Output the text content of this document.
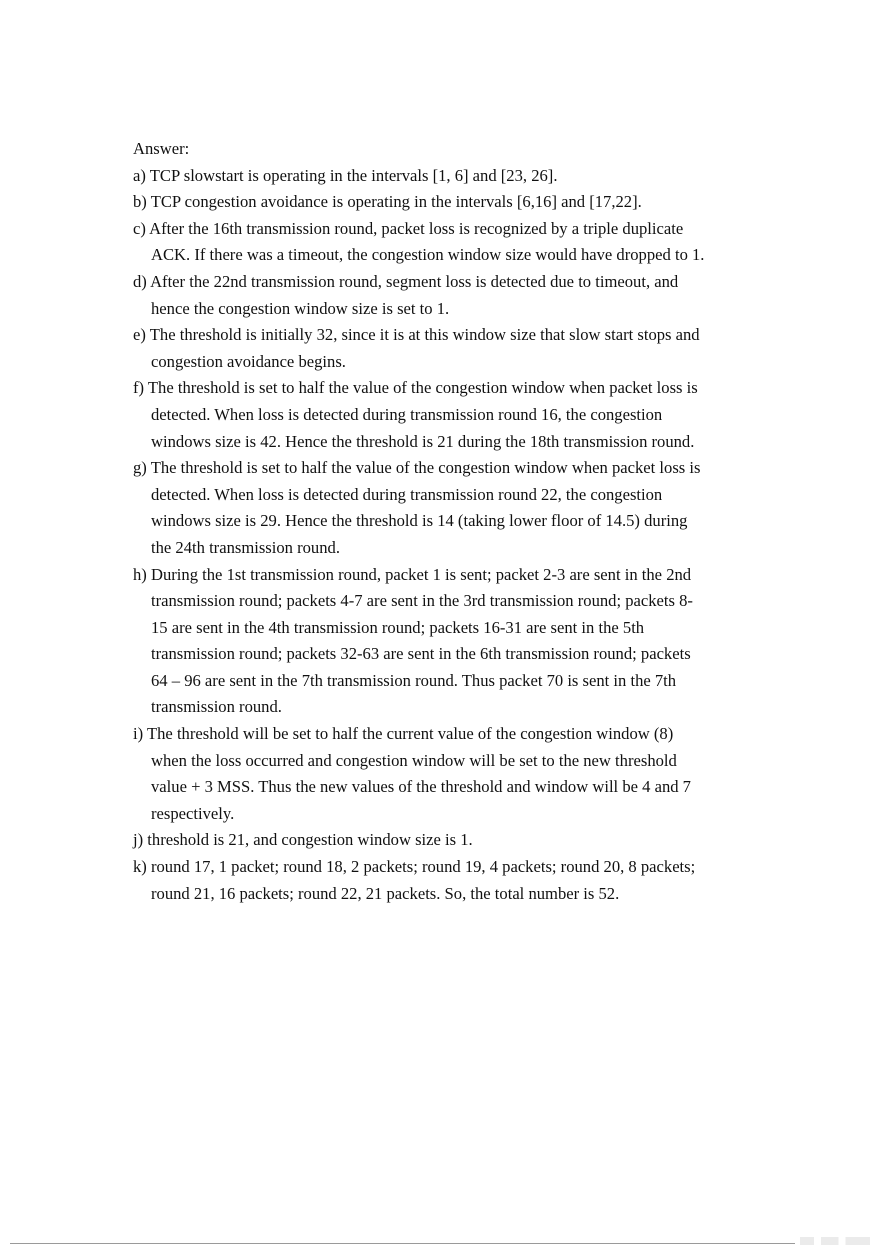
Answer:

a) TCP slowstart is operating in the intervals [1, 6] and [23, 26].

b) TCP congestion avoidance is operating in the intervals [6,16] and [17,22].

c) After the 16th transmission round, packet loss is recognized by a triple duplicate
ACK. If there was a timeout, the congestion window size would have dropped to 1.

d) After the 22nd transmission round, segment loss is detected due to timeout, and
hence the congestion window size is set to 1.

e) The threshold is initially 32, since it is at this window size that slow start stops and
congestion avoidance begins.

f) The threshold is set to half the value of the congestion window when packet loss is
detected. When loss is detected during transmission round 16, the congestion
windows size is 42. Hence the threshold is 21 during the 18th transmission round.

g) The threshold is set to half the value of the congestion window when packet loss is
detected. When loss is detected during transmission round 22, the congestion
windows size is 29. Hence the threshold is 14 (taking lower floor of 14.5) during
the 24th transmission round.

h) During the 1st transmission round, packet 1 is sent; packet 2-3 are sent in the 2nd
transmission round; packets 4-7 are sent in the 3rd transmission round; packets 8-
15 are sent in the 4th transmission round; packets 16-31 are sent in the 5th
transmission round; packets 32-63 are sent in the 6th transmission round; packets
64 – 96 are sent in the 7th transmission round. Thus packet 70 is sent in the 7th
transmission round.

i) The threshold will be set to half the current value of the congestion window (8)
when the loss occurred and congestion window will be set to the new threshold
value + 3 MSS. Thus the new values of the threshold and window will be 4 and 7
respectively.

j) threshold is 21, and congestion window size is 1.

k) round 17, 1 packet; round 18, 2 packets; round 19, 4 packets; round 20, 8 packets;
round 21, 16 packets; round 22, 21 packets. So, the total number is 52.
